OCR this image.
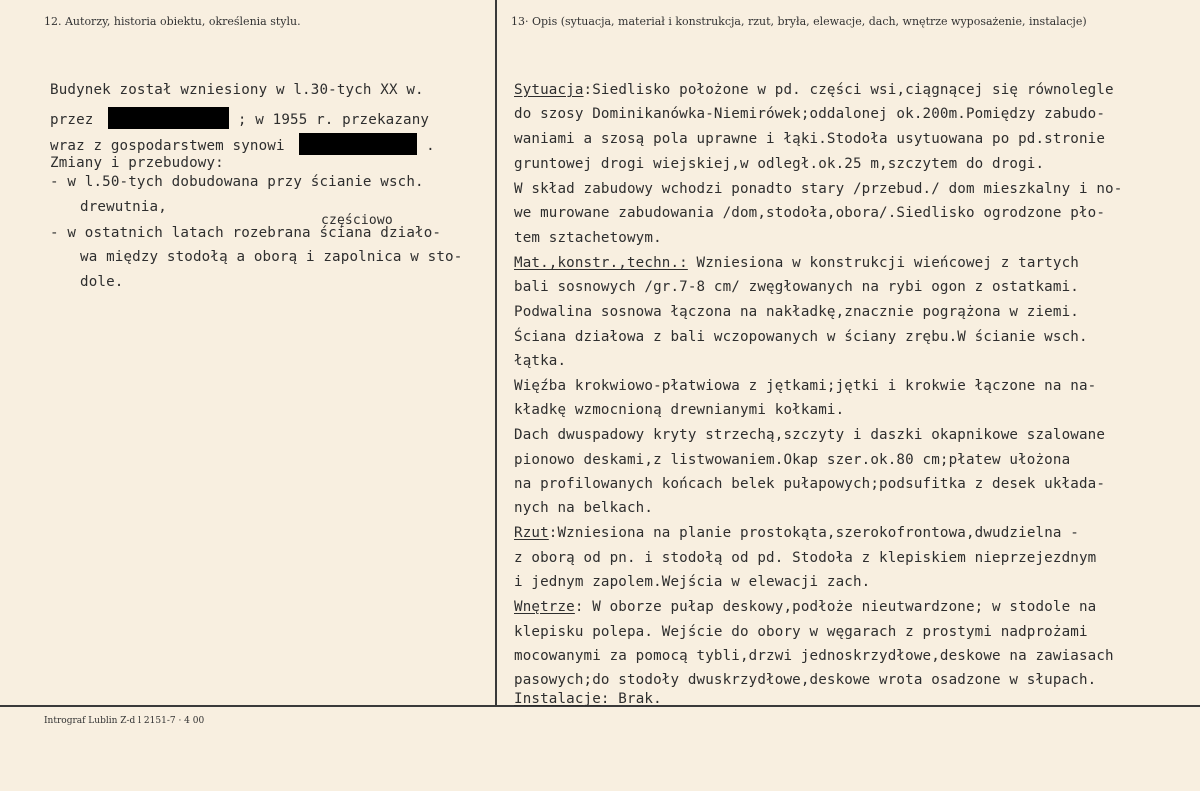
12. Autorzy, historia obiektu, określenia stylu.	13· Opis (sytuacja, materiał i konstrukcja, rzut, bryła, elewacje, dach, wnętrze wyposażenie, instalacje)
Budynek został wzniesiony w l.30-tych XX w.
przez	; w 1955 r. przekazany
wraz z gospodarstwem synowi	.
Zmiany i przebudowy:
- w l.50-tych dobudowana przy ścianie wsch.
drewutnia,
częściowo
- w ostatnich latach rozebrana ściana działo-
wa między stodołą a oborą i zapolnica w sto-
dole.
Sytuacja:Siedlisko położone w pd. części wsi,ciągnącej się równolegle
do szosy Dominikanówka-Niemirówek;oddalonej ok.200m.Pomiędzy zabudo-
waniami a szosą pola uprawne i łąki.Stodoła usytuowana po pd.stronie
gruntowej drogi wiejskiej,w odległ.ok.25 m,szczytem do drogi.
W skład zabudowy wchodzi ponadto stary /przebud./ dom mieszkalny i no-
we murowane zabudowania /dom,stodoła,obora/.Siedlisko ogrodzone pło-
tem sztachetowym.
Mat.,konstr.,techn.: Wzniesiona w konstrukcji wieńcowej z tartych
bali sosnowych /gr.7-8 cm/ zwęgłowanych na rybi ogon z ostatkami.
Podwalina sosnowa łączona na nakładkę,znacznie pogrążona w ziemi.
Ściana działowa z bali wczopowanych w ściany zrębu.W ścianie wsch.
łątka.
Więźba krokwiowo-płatwiowa z jętkami;jętki i krokwie łączone na na-
kładkę wzmocnioną drewnianymi kołkami.
Dach dwuspadowy kryty strzechą,szczyty i daszki okapnikowe szalowane
pionowo deskami,z listwowaniem.Okap szer.ok.80 cm;płatew ułożona
na profilowanych końcach belek pułapowych;podsufitka z desek układa-
nych na belkach.
Rzut:Wzniesiona na planie prostokąta,szerokofrontowa,dwudzielna -
z oborą od pn. i stodołą od pd. Stodoła z klepiskiem nieprzejezdnym
i jednym zapolem.Wejścia w elewacji zach.
Wnętrze: W oborze pułap deskowy,podłoże nieutwardzone; w stodole na
klepisku polepa. Wejście do obory w węgarach z prostymi nadprożami
mocowanymi za pomocą tybli,drzwi jednoskrzydłowe,deskowe na zawiasach
pasowych;do stodoły dwuskrzydłowe,deskowe wrota osadzone w słupach.
Instalacje: Brak.
Intrograf Lublin Z-d l 2151-7 · 4 00
